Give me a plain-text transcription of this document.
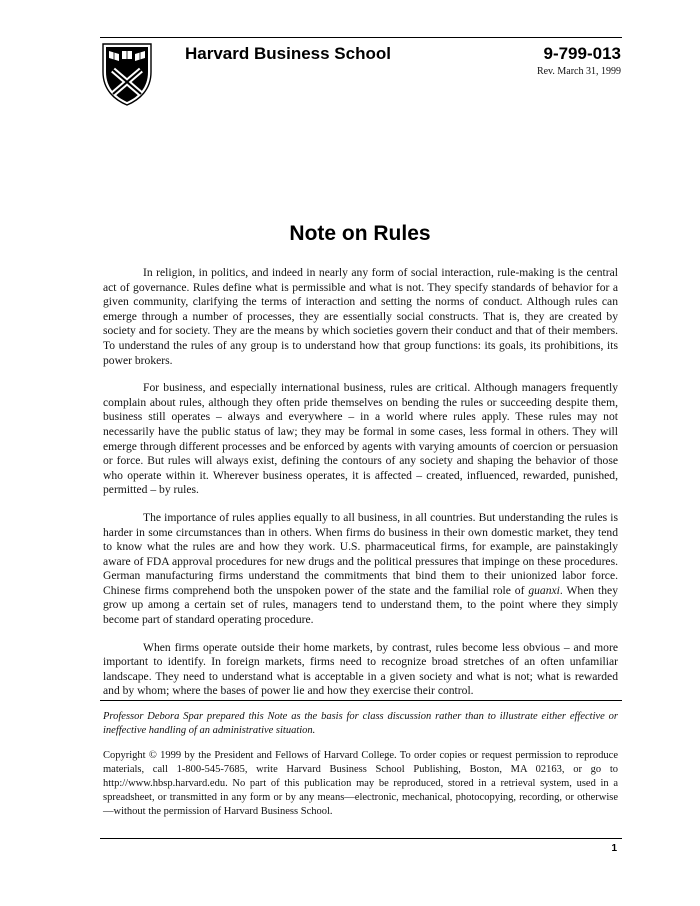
Harvard Business School	9-799-013
Rev. March 31, 1999
Note on Rules

In religion, in politics, and indeed in nearly any form of social interaction, rule-making is the central act of governance. Rules define what is permissible and what is not. They specify standards of behavior for a given community, clarifying the terms of interaction and setting the norms of conduct. Although rules can emerge through a number of processes, they are essentially social constructs. That is, they are created by society and for society. They are the means by which societies govern their conduct and that of their members. To understand the rules of any group is to understand how that group functions: its goals, its prohibitions, its power brokers.

For business, and especially international business, rules are critical. Although managers frequently complain about rules, although they often pride themselves on bending the rules or succeeding despite them, business still operates – always and everywhere – in a world where rules apply. These rules may not necessarily have the public status of law; they may be formal in some cases, less formal in others. They will emerge through different processes and be enforced by agents with varying amounts of coercion or persuasion or force. But rules will always exist, defining the contours of any society and shaping the behavior of those who operate within it. Wherever business operates, it is affected – created, influenced, rewarded, punished, permitted – by rules.

The importance of rules applies equally to all business, in all countries. But understanding the rules is harder in some circumstances than in others. When firms do business in their own domestic market, they tend to know what the rules are and how they work. U.S. pharmaceutical firms, for example, are painstakingly aware of FDA approval procedures for new drugs and the political pressures that impinge on these procedures. German manufacturing firms understand the commitments that bind them to their unionized labor force. Chinese firms comprehend both the unspoken power of the state and the familial role of guanxi. When they grow up among a certain set of rules, managers tend to understand them, to the point where they simply become part of standard operating procedure.

When firms operate outside their home markets, by contrast, rules become less obvious – and more important to identify. In foreign markets, firms need to recognize broad stretches of an often unfamiliar landscape. They need to understand what is acceptable in a given society and what is not; what is rewarded and by whom; where the bases of power lie and how they exercise their control.

Professor Debora Spar prepared this Note as the basis for class discussion rather than to illustrate either effective or ineffective handling of an administrative situation.
Copyright © 1999 by the President and Fellows of Harvard College. To order copies or request permission to reproduce materials, call 1-800-545-7685, write Harvard Business School Publishing, Boston, MA 02163, or go to http://www.hbsp.harvard.edu. No part of this publication may be reproduced, stored in a retrieval system, used in a spreadsheet, or transmitted in any form or by any means—electronic, mechanical, photocopying, recording, or otherwise—without the permission of Harvard Business School.
1
